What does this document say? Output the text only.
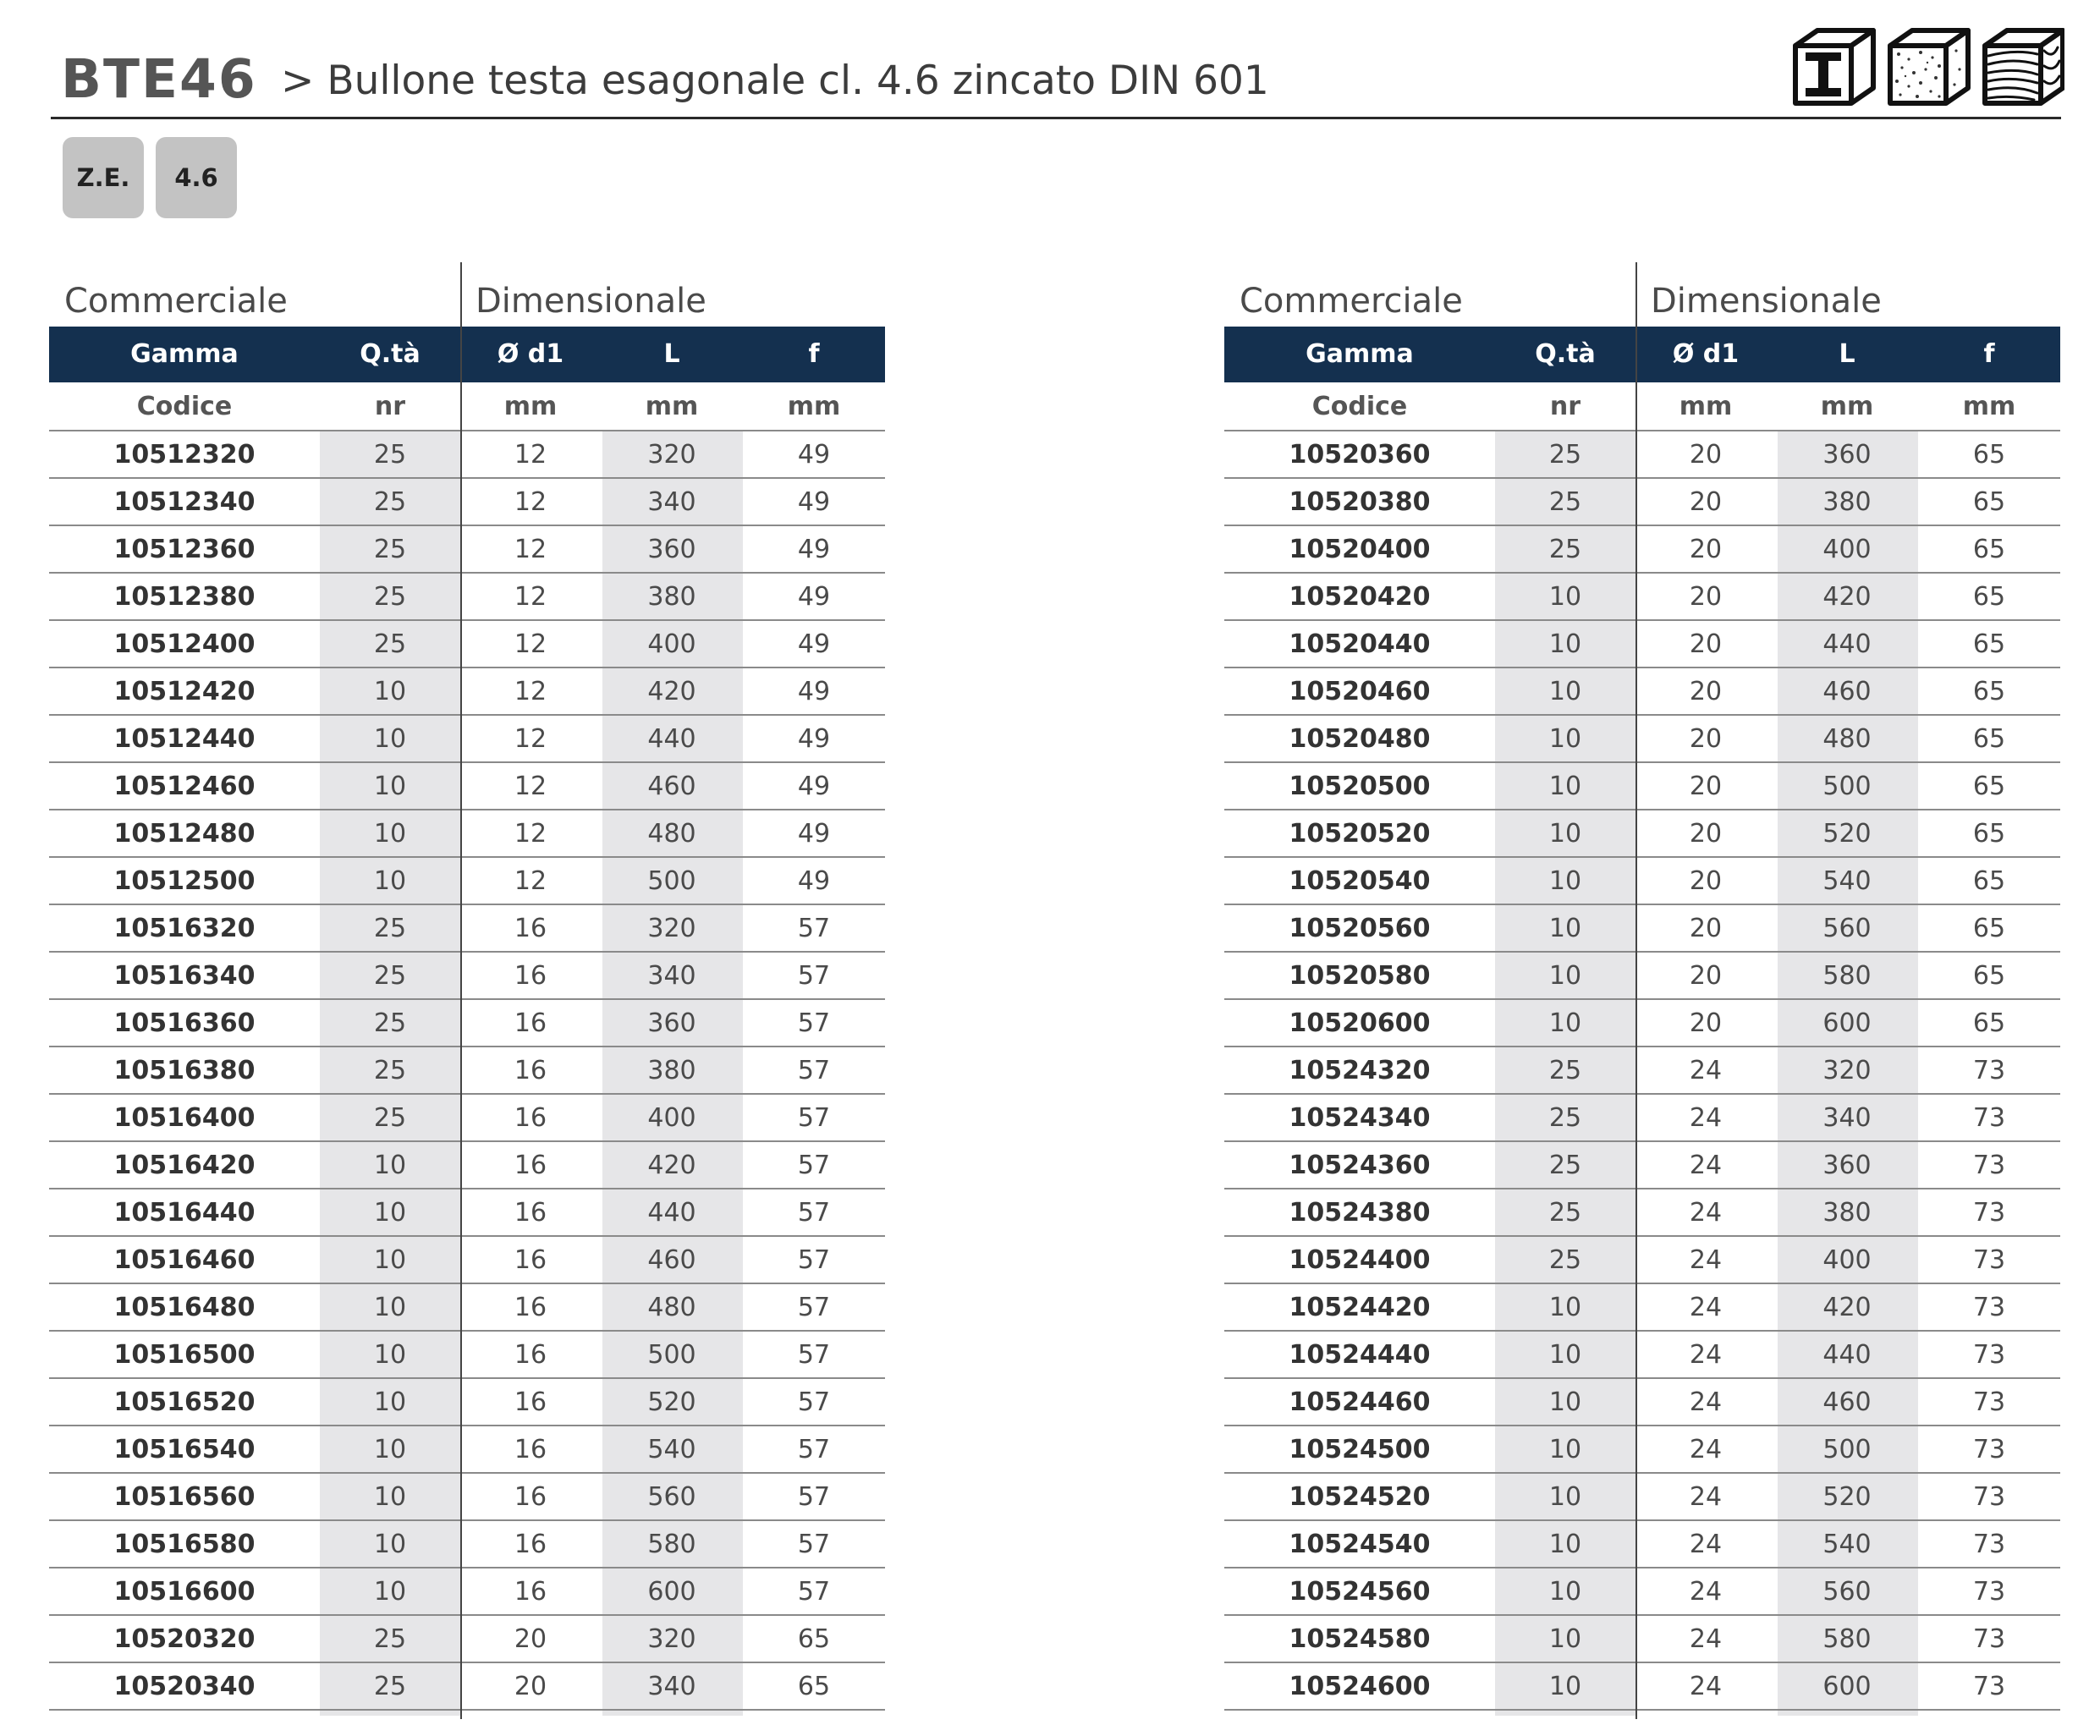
BTE46 > Bullone testa esagonale cl. 4.6 zincato DIN 601
Z.E.	4.6
Commerciale	Dimensionale
Gamma	Q.tà	Ø d1	L	f
Codice	nr	mm	mm	mm
10512320	25	12	320	49
10512340	25	12	340	49
10512360	25	12	360	49
10512380	25	12	380	49
10512400	25	12	400	49
10512420	10	12	420	49
10512440	10	12	440	49
10512460	10	12	460	49
10512480	10	12	480	49
10512500	10	12	500	49
10516320	25	16	320	57
10516340	25	16	340	57
10516360	25	16	360	57
10516380	25	16	380	57
10516400	25	16	400	57
10516420	10	16	420	57
10516440	10	16	440	57
10516460	10	16	460	57
10516480	10	16	480	57
10516500	10	16	500	57
10516520	10	16	520	57
10516540	10	16	540	57
10516560	10	16	560	57
10516580	10	16	580	57
10516600	10	16	600	57
10520320	25	20	320	65
10520340	25	20	340	65
Commerciale	Dimensionale
Gamma	Q.tà	Ø d1	L	f
Codice	nr	mm	mm	mm
10520360	25	20	360	65
10520380	25	20	380	65
10520400	25	20	400	65
10520420	10	20	420	65
10520440	10	20	440	65
10520460	10	20	460	65
10520480	10	20	480	65
10520500	10	20	500	65
10520520	10	20	520	65
10520540	10	20	540	65
10520560	10	20	560	65
10520580	10	20	580	65
10520600	10	20	600	65
10524320	25	24	320	73
10524340	25	24	340	73
10524360	25	24	360	73
10524380	25	24	380	73
10524400	25	24	400	73
10524420	10	24	420	73
10524440	10	24	440	73
10524460	10	24	460	73
10524500	10	24	500	73
10524520	10	24	520	73
10524540	10	24	540	73
10524560	10	24	560	73
10524580	10	24	580	73
10524600	10	24	600	73
